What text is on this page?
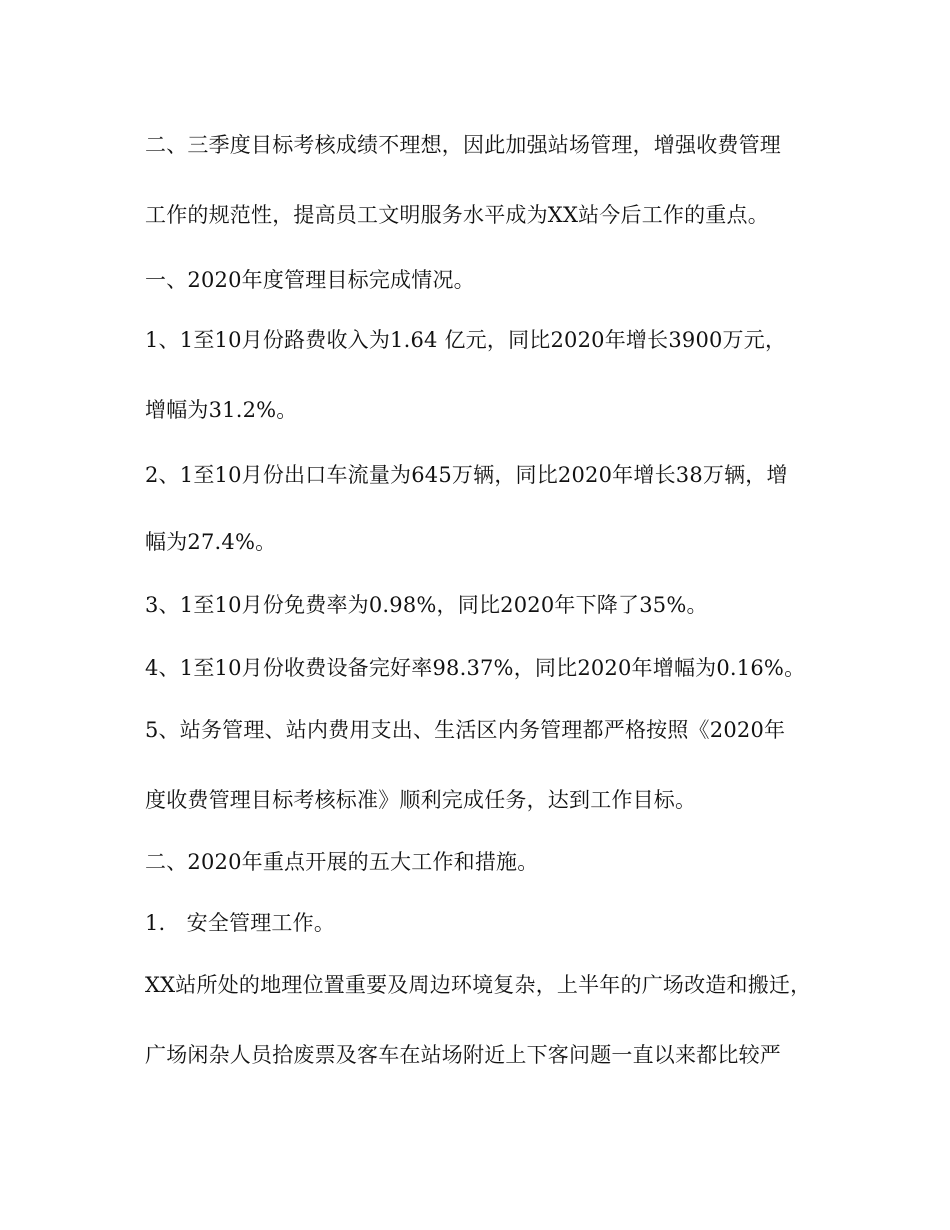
二、三季度目标考核成绩不理想，因此加强站场管理，增强收费管理
工作的规范性，提高员工文明服务水平成为XX站今后工作的重点。
一、2020年度管理目标完成情况。
1、1至10月份路费收入为1.64 亿元，同比2020年增长3900万元，
增幅为31.2%。
2、1至10月份出口车流量为645万辆，同比2020年增长38万辆，增
幅为27.4%。
3、1至10月份免费率为0.98%，同比2020年下降了35%。
4、1至10月份收费设备完好率98.37%，同比2020年增幅为0.16%。
5、站务管理、站内费用支出、生活区内务管理都严格按照《2020年
度收费管理目标考核标准》顺利完成任务，达到工作目标。
二、2020年重点开展的五大工作和措施。
1.　安全管理工作。
XX站所处的地理位置重要及周边环境复杂，上半年的广场改造和搬迁，
广场闲杂人员拾废票及客车在站场附近上下客问题一直以来都比较严
